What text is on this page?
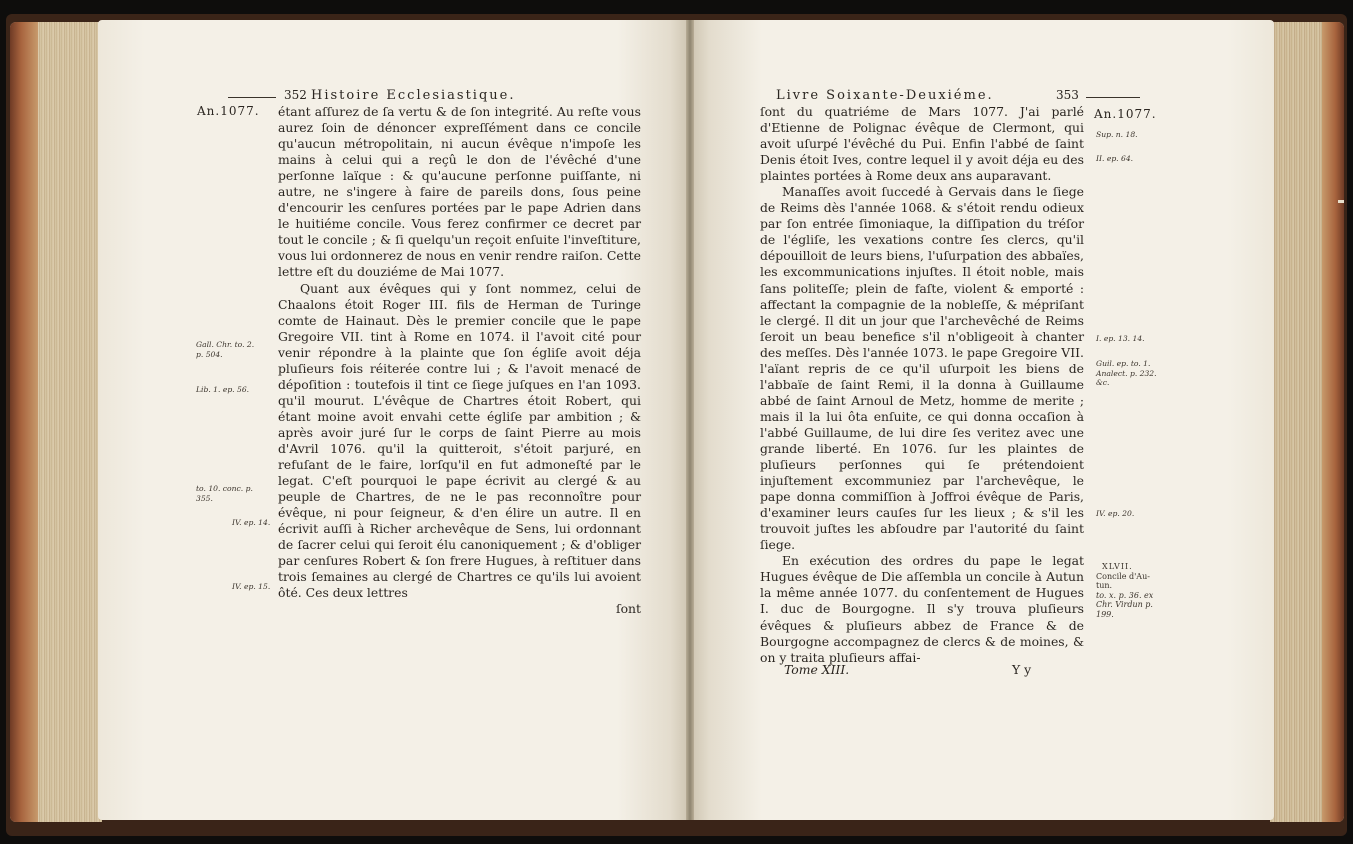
352 Histoire Ecclesiastique.
An.1077. étant aſſurez de ſa vertu & de ſon integrité. Au reſte vous aurez ſoin de dénoncer expreſſément dans ce concile qu'aucun métropolitain, ni aucun évêque n'impoſe les mains à celui qui a reçû le don de l'évêché d'une perſonne laïque : & qu'aucune perſonne puiſſante, ni autre, ne s'ingere à faire de pareils dons, ſous peine d'encourir les cenſures portées par le pape Adrien dans le huitiéme concile. Vous ferez confirmer ce decret par tout le concile ; & ſi quelqu'un reçoit enſuite l'inveſtiture, vous lui ordonnerez de nous en venir rendre raiſon. Cette lettre eſt du douziéme de Mai 1077.

Quant aux évêques qui y ſont nommez, celui de Chaalons étoit Roger III. fils de Herman de Turinge comte de Hainaut. Dès le premier concile que le pape Gregoire VII. tint à Rome en 1074. il l'avoit cité pour venir répondre à la plainte que ſon égliſe avoit déja pluſieurs fois réiterée contre lui ; & l'avoit menacé de dépoſition : toutefois il tint ce ſiege juſques en l'an 1093. qu'il mourut. L'évêque de Chartres étoit Robert, qui étant moine avoit envahi cette égliſe par ambition ; & après avoir juré ſur le corps de ſaint Pierre au mois d'Avril 1076. qu'il la quitteroit, s'étoit parjuré, en refuſant de le faire, lorſqu'il en fut admoneſté par le legat. C'eſt pourquoi le pape écrivit au clergé & au peuple de Chartres, de ne le pas reconnoître pour évêque, ni pour ſeigneur, & d'en élire un autre. Il en écrivit auſſi à Richer archevêque de Sens, lui ordonnant de ſacrer celui qui ſeroit élu canoniquement ; & d'obliger par cenſures Robert & ſon frere Hugues, à reſtituer dans trois ſemaines au clergé de Chartres ce qu'ils lui avoient ôté. Ces deux lettres

ſont

Gall. Chr. to. 2.
p. 504.
Lib. 1. ep. 56.
to. 10. conc. p.
355.
IV. ep. 14.
IV. ep. 15.
Livre Soixante-Deuxiéme.	353
An.1077.

ſont du quatriéme de Mars 1077. J'ai parlé d'Etienne de Polignac évêque de Clermont, qui avoit uſurpé l'évêché du Pui. Enfin l'abbé de ſaint Denis étoit Ives, contre lequel il y avoit déja eu des plaintes portées à Rome deux ans auparavant.

Manaſſes avoit ſuccedé à Gervais dans le ſiege de Reims dès l'année 1068. & s'étoit rendu odieux par ſon entrée ſimoniaque, la diſſipation du tréſor de l'égliſe, les vexations contre ſes clercs, qu'il dépouilloit de leurs biens, l'uſurpation des abbaïes, les excommunications injuſtes. Il étoit noble, mais ſans politeſſe; plein de faſte, violent & emporté : affectant la compagnie de la nobleſſe, & mépriſant le clergé. Il dit un jour que l'archevêché de Reims ſeroit un beau benefice s'il n'obligeoit à chanter des meſſes. Dès l'année 1073. le pape Gregoire VII. l'aïant repris de ce qu'il uſurpoit les biens de l'abbaïe de ſaint Remi, il la donna à Guillaume abbé de ſaint Arnoul de Metz, homme de merite ; mais il la lui ôta enſuite, ce qui donna occaſion à l'abbé Guillaume, de lui dire ſes veritez avec une grande liberté. En 1076. ſur les plaintes de pluſieurs perſonnes qui ſe prétendoient injuſtement excommuniez par l'archevêque, le pape donna commiſſion à Joffroi évêque de Paris, d'examiner leurs cauſes ſur les lieux ; & s'il les trouvoit juſtes les abſoudre par l'autorité du ſaint ſiege.

En exécution des ordres du pape le legat Hugues évêque de Die aſſembla un concile à Autun la même année 1077. du conſentement de Hugues I. duc de Bourgogne. Il s'y trouva pluſieurs évêques & pluſieurs abbez de France & de Bourgogne accompagnez de clercs & de moines, & on y traita pluſieurs affai-

Tome XIII.	Y y
Sup. n. 18.
II. ep. 64.
I. ep. 13. 14.
Guil. ep. to. 1.
Analect. p. 232.
&c.
IV. ep. 20.
XLVII.
Concile d'Au-
tun.
to. x. p. 36. ex
Chr. Virdun p.
199.
